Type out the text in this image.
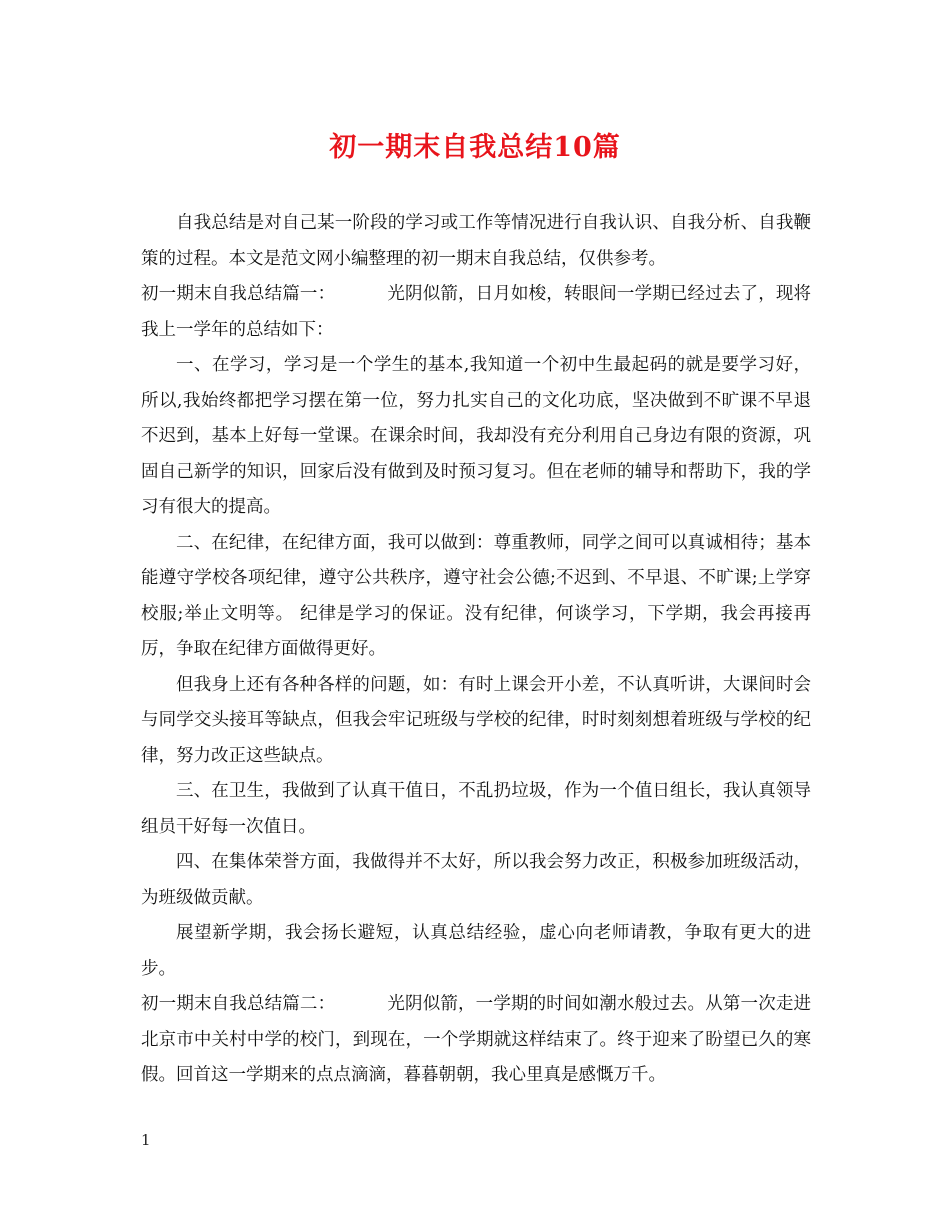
初一期末自我总结10篇

自我总结是对自己某一阶段的学习或工作等情况进行自我认识、自我分析、自我鞭策的过程。本文是范文网小编整理的初一期末自我总结，仅供参考。

初一期末自我总结篇一：	光阴似箭，日月如梭，转眼间一学期已经过去了，现将我上一学年的总结如下：

一、在学习，学习是一个学生的基本,我知道一个初中生最起码的就是要学习好，所以,我始终都把学习摆在第一位，努力扎实自己的文化功底，坚决做到不旷课不早退不迟到，基本上好每一堂课。在课余时间，我却没有充分利用自己身边有限的资源，巩固自己新学的知识，回家后没有做到及时预习复习。但在老师的辅导和帮助下，我的学习有很大的提高。

二、在纪律，在纪律方面，我可以做到：尊重教师，同学之间可以真诚相待；基本能遵守学校各项纪律，遵守公共秩序，遵守社会公德;不迟到、不早退、不旷课;上学穿校服;举止文明等。 纪律是学习的保证。没有纪律，何谈学习，下学期，我会再接再厉，争取在纪律方面做得更好。

但我身上还有各种各样的问题，如：有时上课会开小差，不认真听讲，大课间时会与同学交头接耳等缺点，但我会牢记班级与学校的纪律，时时刻刻想着班级与学校的纪律，努力改正这些缺点。

三、在卫生，我做到了认真干值日，不乱扔垃圾，作为一个值日组长，我认真领导组员干好每一次值日。

四、在集体荣誉方面，我做得并不太好，所以我会努力改正，积极参加班级活动，为班级做贡献。

展望新学期，我会扬长避短，认真总结经验，虚心向老师请教，争取有更大的进步。

初一期末自我总结篇二：	光阴似箭，一学期的时间如潮水般过去。从第一次走进北京市中关村中学的校门，到现在，一个学期就这样结束了。终于迎来了盼望已久的寒假。回首这一学期来的点点滴滴，暮暮朝朝，我心里真是感慨万千。

1
